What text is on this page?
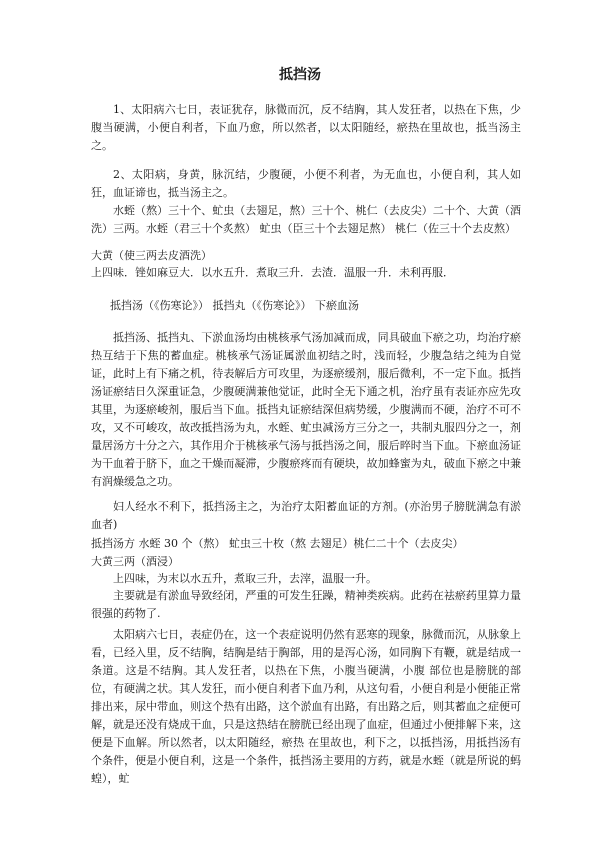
抵挡汤

1、太阳病六七日，表证犹存，脉微而沉，反不结胸，其人发狂者，以热在下焦，少腹当硬满，小便自利者，下血乃愈，所以然者，以太阳随经，瘀热在里故也，抵当汤主之。

2、太阳病，身黄，脉沉结，少腹硬，小便不利者，为无血也，小便自利，其人如狂，血证谛也，抵当汤主之。

水蛭（熬）三十个、虻虫（去翅足，熬）三十个、桃仁（去皮尖）二十个、大黄（酒洗）三两。水蛭（君三十个炙熬） 虻虫（臣三十个去翅足熬） 桃仁（佐三十个去皮熬）

大黄（使三两去皮酒洗）
上四味．锉如麻豆大．以水五升．煮取三升．去渣．温服一升．未利再服．
抵挡汤（《伤寒论》） 抵挡丸（《伤寒论》） 下瘀血汤

抵挡汤、抵挡丸、下淤血汤均由桃核承气汤加减而成，同具破血下瘀之功，均治疗瘀热互结于下焦的蓄血症。桃核承气汤证属淤血初结之时，浅而轻，少腹急结之纯为自觉证，此时上有下痛之机，待表解后方可攻里，为逐瘀缓剂，服后微利，不一定下血。抵挡汤证瘀结日久深重证急，少腹硬满兼他觉证，此时全无下通之机，治疗虽有表证亦应先攻其里，为逐瘀峻剂，服后当下血。抵挡丸证瘀结深但病势缓，少腹满而不硬，治疗不可不攻，又不可峻攻，故改抵挡汤为丸，水蛭、虻虫减汤方三分之一，共制丸服四分之一，剂量居汤方十分之六，其作用介于桃核承气汤与抵挡汤之间，服后晬时当下血。下瘀血汤证为干血着于脐下，血之干燥而凝滞，少腹瘀疼而有硬块，故加蜂蜜为丸，破血下瘀之中兼有润燥缓急之功。

妇人经水不利下，抵挡汤主之，为治疗太阳蓄血证的方剂。(亦治男子膀胱满急有淤血者)

抵挡汤方 水蛭 30 个（熬） 虻虫三十枚（熬 去翅足）桃仁二十个（去皮尖）
大黄三两（酒浸）
上四味，为末以水五升，煮取三升，去滓，温服一升。

主要就是有淤血导致经闭，严重的可发生狂躁，精神类疾病。此药在祛瘀药里算力量很强的药物了.

太阳病六七日，表症仍在，这一个表症说明仍然有恶寒的现象，脉微而沉，从脉象上看，已经入里，反不结胸，结胸是结于胸部，用的是泻心汤，如同胸下有鞭，就是结成一条道。这是不结胸。其人发狂者，以热在下焦，小腹当硬满，小腹 部位也是膀胱的部位，有硬满之状。其人发狂，而小便自利者下血乃利，从这句看，小便自利是小便能正常排出来，尿中带血，则这个热有出路，这个淤血有出路，有出路之后，则其蓄血之症便可解，就是还没有烧成干血，只是这热结在膀胱已经出现了血症，但通过小便排解下来，这便是下血解。所以然者，以太阳随经，瘀热 在里故也，利下之，以抵挡汤，用抵挡汤有个条件，便是小便自利，这是一个条件，抵挡汤主要用的方药，就是水蛭（就是所说的蚂蝗），虻
